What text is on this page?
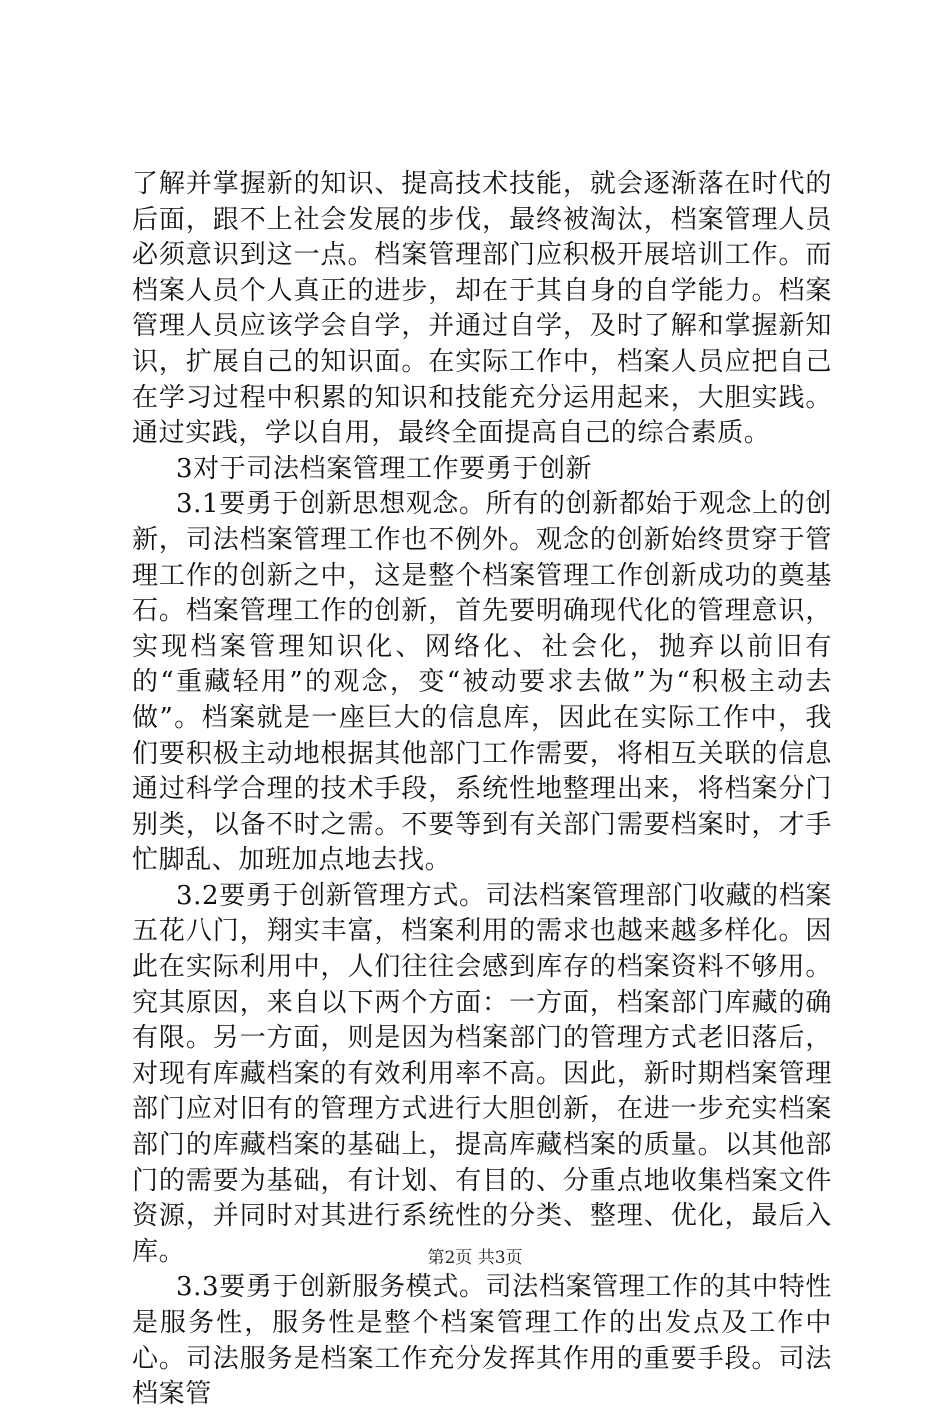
了解并掌握新的知识、提高技术技能，就会逐渐落在时代的后面，跟不上社会发展的步伐，最终被淘汰，档案管理人员必须意识到这一点。档案管理部门应积极开展培训工作。而档案人员个人真正的进步，却在于其自身的自学能力。档案管理人员应该学会自学，并通过自学，及时了解和掌握新知识，扩展自己的知识面。在实际工作中，档案人员应把自己在学习过程中积累的知识和技能充分运用起来，大胆实践。通过实践，学以自用，最终全面提高自己的综合素质。

3对于司法档案管理工作要勇于创新

3.1要勇于创新思想观念。所有的创新都始于观念上的创新，司法档案管理工作也不例外。观念的创新始终贯穿于管理工作的创新之中，这是整个档案管理工作创新成功的奠基石。档案管理工作的创新，首先要明确现代化的管理意识，实现档案管理知识化、网络化、社会化，抛弃以前旧有的“重藏轻用”的观念，变“被动要求去做”为“积极主动去做”。档案就是一座巨大的信息库，因此在实际工作中，我们要积极主动地根据其他部门工作需要，将相互关联的信息通过科学合理的技术手段，系统性地整理出来，将档案分门别类，以备不时之需。不要等到有关部门需要档案时，才手忙脚乱、加班加点地去找。

3.2要勇于创新管理方式。司法档案管理部门收藏的档案五花八门，翔实丰富，档案利用的需求也越来越多样化。因此在实际利用中，人们往往会感到库存的档案资料不够用。究其原因，来自以下两个方面：一方面，档案部门库藏的确有限。另一方面，则是因为档案部门的管理方式老旧落后，对现有库藏档案的有效利用率不高。因此，新时期档案管理部门应对旧有的管理方式进行大胆创新，在进一步充实档案部门的库藏档案的基础上，提高库藏档案的质量。以其他部门的需要为基础，有计划、有目的、分重点地收集档案文件资源，并同时对其进行系统性的分类、整理、优化，最后入库。

3.3要勇于创新服务模式。司法档案管理工作的其中特性是服务性，服务性是整个档案管理工作的出发点及工作中心。司法服务是档案工作充分发挥其作用的重要手段。司法档案管

第2页 共3页
